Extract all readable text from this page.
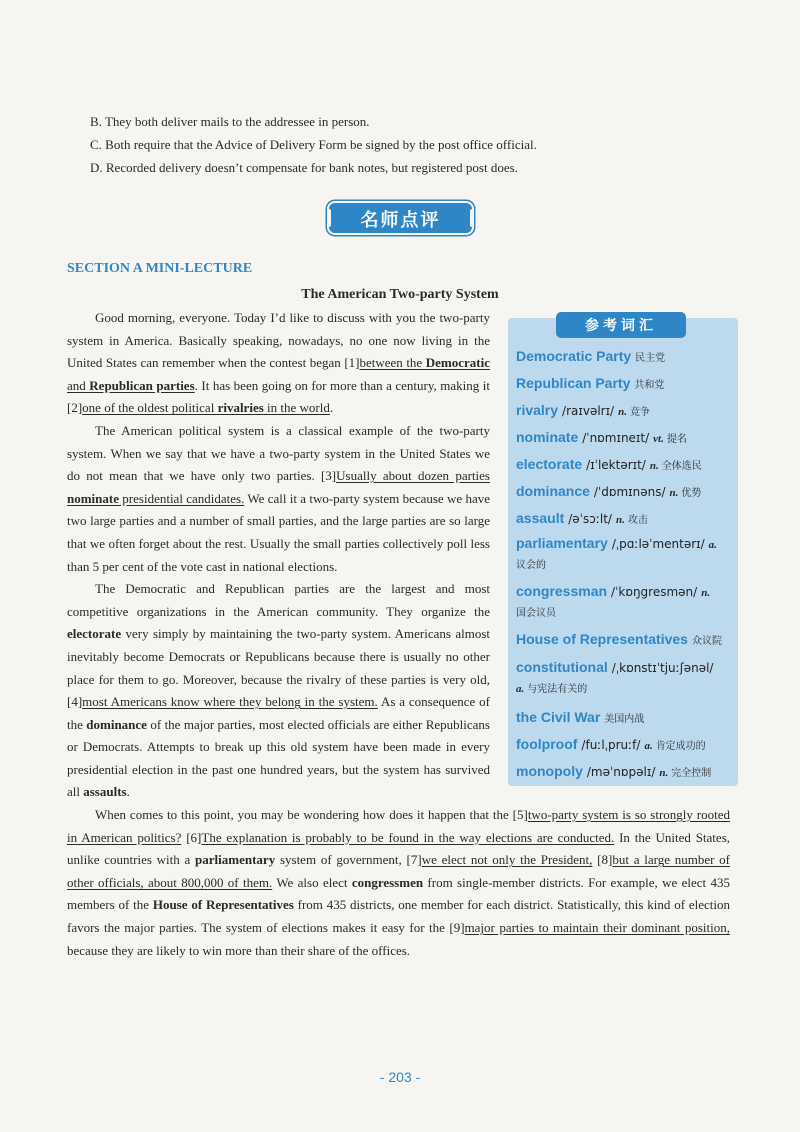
B. They both deliver mails to the addressee in person.

C. Both require that the Advice of Delivery Form be signed by the post office official.

D. Recorded delivery doesn’t compensate for bank notes, but registered post does.

名师点评

SECTION A MINI-LECTURE

The American Two-party System

参考词汇
Democratic Party 民主党
Republican Party 共和党
rivalry /raɪvəlrɪ/ n. 竞争
nominate /ˈnɒmɪneɪt/ vt. 提名
electorate /ɪˈlektərɪt/ n. 全体选民
dominance /ˈdɒmɪnəns/ n. 优势
assault /əˈsɔːlt/ n. 攻击
parliamentary /ˌpɑːləˈmentərɪ/ a.
议会的
congressman /ˈkɒŋgresmən/ n.
国会议员
House of Representatives 众议院
constitutional /ˌkɒnstɪˈtjuːʃənəl/
a. 与宪法有关的
the Civil War 美国内战
foolproof /fuːlˌpruːf/ a. 肯定成功的
monopoly /məˈnɒpəlɪ/ n. 完全控制

Good morning, everyone. Today I’d like to discuss with you the two-party system in America. Basically speaking, nowadays, no one now living in the United States can remember when the contest began [1]between the Democratic and Republican parties. It has been going on for more than a century, making it [2]one of the oldest political rivalries in the world.

The American political system is a classical example of the two-party system. When we say that we have a two-party system in the United States we do not mean that we have only two parties. [3]Usually about dozen parties nominate presidential candidates. We call it a two-party system because we have two large parties and a number of small parties, and the large parties are so large that we often forget about the rest. Usually the small parties collectively poll less than 5 per cent of the vote cast in national elections.

The Democratic and Republican parties are the largest and most competitive organizations in the American community. They organize the electorate very simply by maintaining the two-party system. Americans almost inevitably become Democrats or Republicans because there is usually no other place for them to go. Moreover, because the rivalry of these parties is very old, [4]most Americans know where they belong in the system. As a consequence of the dominance of the major parties, most elected officials are either Republicans or Democrats. Attempts to break up this old system have been made in every presidential election in the past one hundred years, but the system has survived all assaults.

When comes to this point, you may be wondering how does it happen that the [5]two-party system is so strongly rooted in American politics? [6]The explanation is probably to be found in the way elections are conducted. In the United States, unlike countries with a parliamentary system of government, [7]we elect not only the President, [8]but a large number of other officials, about 800,000 of them. We also elect congressmen from single-member districts. For example, we elect 435 members of the House of Representatives from 435 districts, one member for each district. Statistically, this kind of election favors the major parties. The system of elections makes it easy for the [9]major parties to maintain their dominant position, because they are likely to win more than their share of the offices.

- 203 -
